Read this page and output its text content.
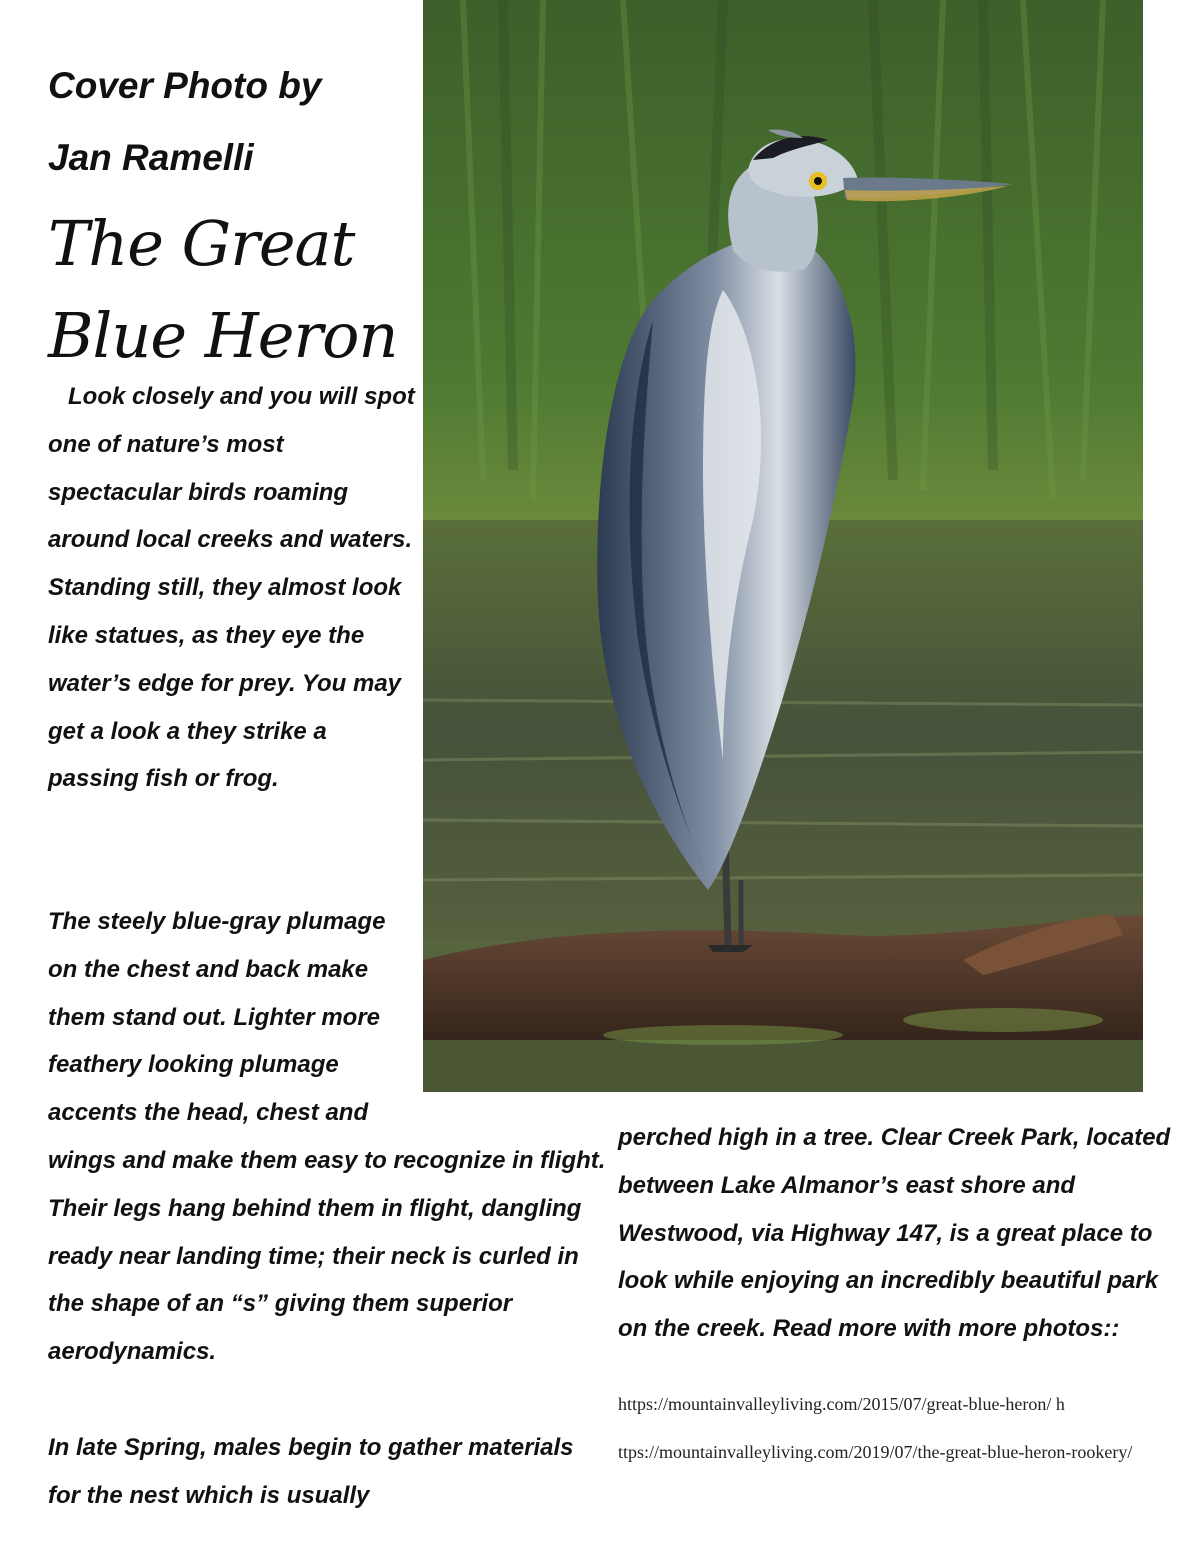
Cover Photo by
Jan Ramelli
The Great
Blue Heron

Look closely and you will spot one of nature’s most spectacular birds roaming around local creeks and waters. Standing still, they almost look like statues, as they eye the water’s edge for prey. You may get a look a they strike a passing fish or frog.

The steely blue-gray plumage on the chest and back make them stand out. Lighter more feathery looking plumage accents the head, chest and
wings and make them easy to recognize in flight. Their legs hang behind them in flight, dangling ready near landing time; their neck is curled in the shape of an “s” giving them superior aerodynamics.

In late Spring, males begin to gather materials for the nest which is usually

perched high in a tree. Clear Creek Park, located between Lake Almanor’s east shore and Westwood, via Highway 147, is a great place to look while enjoying an incredibly beautiful park on the creek. Read more with more photos::

https://mountainvalleyliving.com/2015/07/great-blue-heron/ h

ttps://mountainvalleyliving.com/2019/07/the-great-blue-heron-rookery/
